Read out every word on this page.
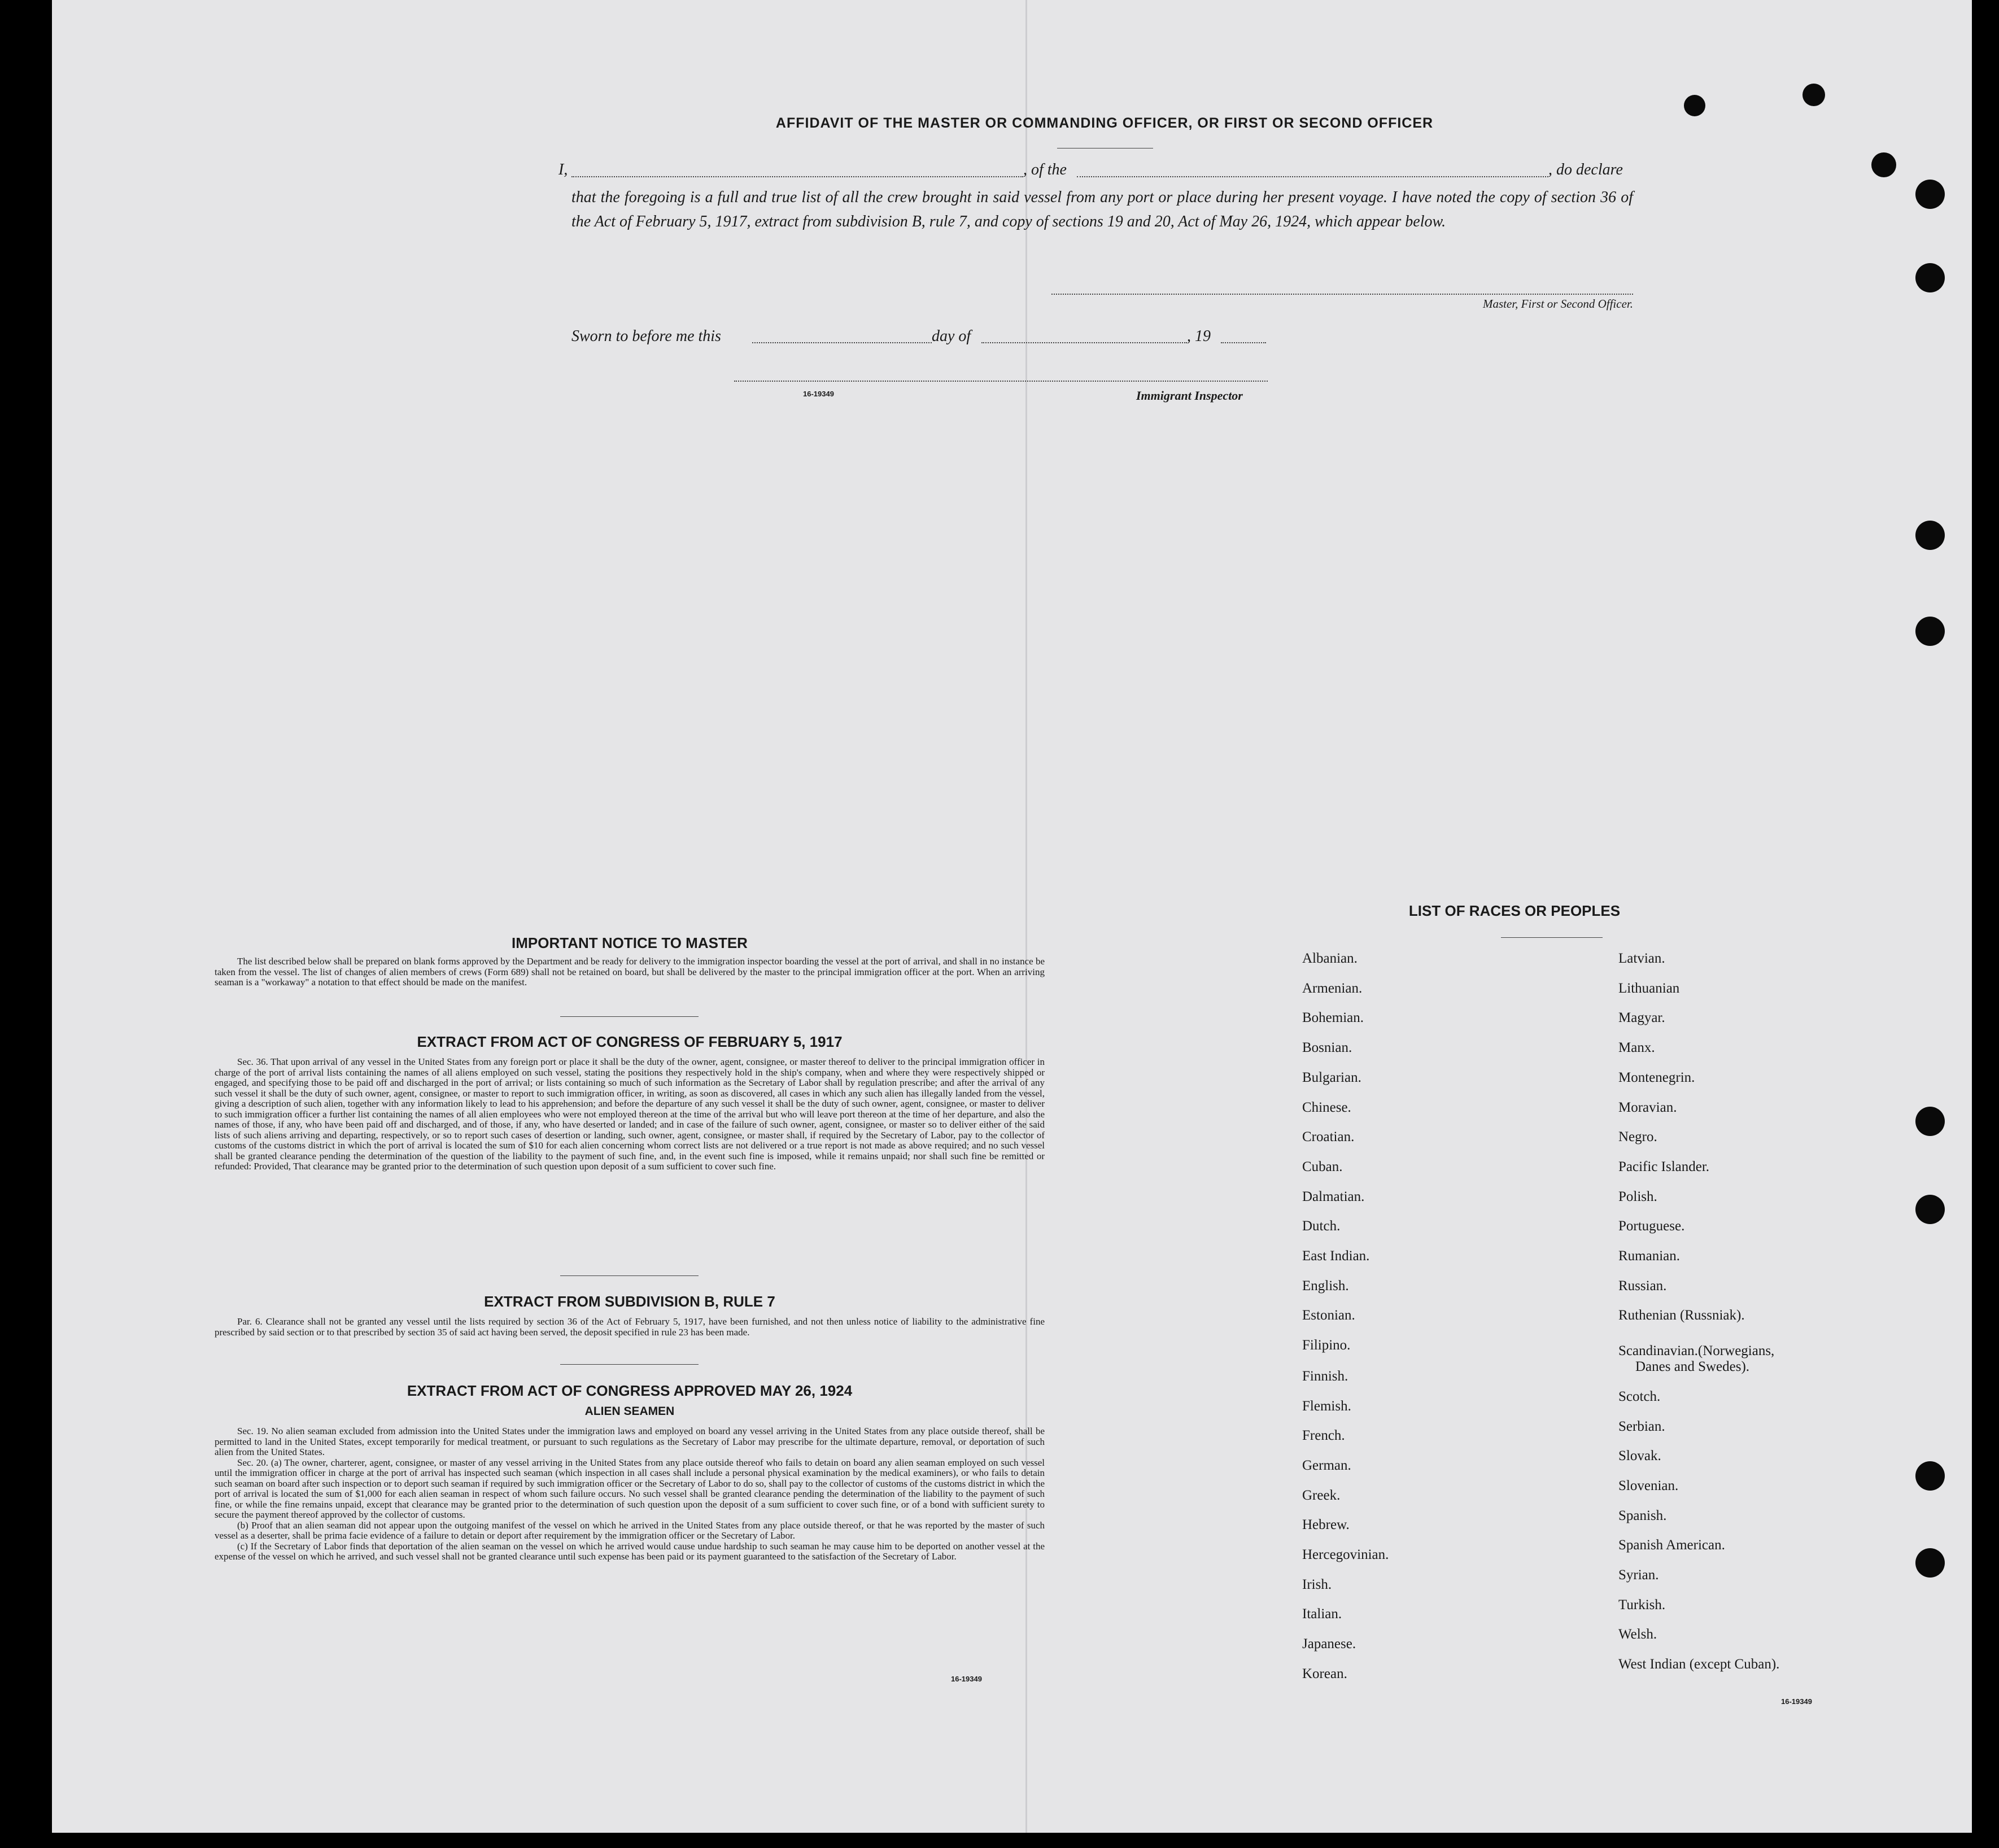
AFFIDAVIT OF THE MASTER OR COMMANDING OFFICER, OR FIRST OR SECOND OFFICER
I,	, of the	, do declare
that the foregoing is a full and true list of all the crew brought in said vessel from any port or place during her present voyage. I have noted the copy of section 36 of the Act of February 5, 1917, extract from subdivision B, rule 7, and copy of sections 19 and 20, Act of May 26, 1924, which appear below.
Master, First or Second Officer.
Sworn to before me this	day of	, 19
16-19349	Immigrant Inspector
IMPORTANT NOTICE TO MASTER

The list described below shall be prepared on blank forms approved by the Department and be ready for delivery to the immigration inspector boarding the vessel at the port of arrival, and shall in no instance be taken from the vessel. The list of changes of alien members of crews (Form 689) shall not be retained on board, but shall be delivered by the master to the principal immigration officer at the port. When an arriving seaman is a "workaway" a notation to that effect should be made on the manifest.

EXTRACT FROM ACT OF CONGRESS OF FEBRUARY 5, 1917

Sec. 36. That upon arrival of any vessel in the United States from any foreign port or place it shall be the duty of the owner, agent, consignee, or master thereof to deliver to the principal immigration officer in charge of the port of arrival lists containing the names of all aliens employed on such vessel, stating the positions they respectively hold in the ship's company, when and where they were respectively shipped or engaged, and specifying those to be paid off and discharged in the port of arrival; or lists containing so much of such information as the Secretary of Labor shall by regulation prescribe; and after the arrival of any such vessel it shall be the duty of such owner, agent, consignee, or master to report to such immigration officer, in writing, as soon as discovered, all cases in which any such alien has illegally landed from the vessel, giving a description of such alien, together with any information likely to lead to his apprehension; and before the departure of any such vessel it shall be the duty of such owner, agent, consignee, or master to deliver to such immigration officer a further list containing the names of all alien employees who were not employed thereon at the time of the arrival but who will leave port thereon at the time of her departure, and also the names of those, if any, who have been paid off and discharged, and of those, if any, who have deserted or landed; and in case of the failure of such owner, agent, consignee, or master so to deliver either of the said lists of such aliens arriving and departing, respectively, or so to report such cases of desertion or landing, such owner, agent, consignee, or master shall, if required by the Secretary of Labor, pay to the collector of customs of the customs district in which the port of arrival is located the sum of $10 for each alien concerning whom correct lists are not delivered or a true report is not made as above required; and no such vessel shall be granted clearance pending the determination of the question of the liability to the payment of such fine, and, in the event such fine is imposed, while it remains unpaid; nor shall such fine be remitted or refunded: Provided, That clearance may be granted prior to the determination of such question upon deposit of a sum sufficient to cover such fine.

EXTRACT FROM SUBDIVISION B, RULE 7

Par. 6. Clearance shall not be granted any vessel until the lists required by section 36 of the Act of February 5, 1917, have been furnished, and not then unless notice of liability to the administrative fine prescribed by said section or to that prescribed by section 35 of said act having been served, the deposit specified in rule 23 has been made.

EXTRACT FROM ACT OF CONGRESS APPROVED MAY 26, 1924
ALIEN SEAMEN

Sec. 19. No alien seaman excluded from admission into the United States under the immigration laws and employed on board any vessel arriving in the United States from any place outside thereof, shall be permitted to land in the United States, except temporarily for medical treatment, or pursuant to such regulations as the Secretary of Labor may prescribe for the ultimate departure, removal, or deportation of such alien from the United States.

Sec. 20. (a) The owner, charterer, agent, consignee, or master of any vessel arriving in the United States from any place outside thereof who fails to detain on board any alien seaman employed on such vessel until the immigration officer in charge at the port of arrival has inspected such seaman (which inspection in all cases shall include a personal physical examination by the medical examiners), or who fails to detain such seaman on board after such inspection or to deport such seaman if required by such immigration officer or the Secretary of Labor to do so, shall pay to the collector of customs of the customs district in which the port of arrival is located the sum of $1,000 for each alien seaman in respect of whom such failure occurs. No such vessel shall be granted clearance pending the determination of the liability to the payment of such fine, or while the fine remains unpaid, except that clearance may be granted prior to the determination of such question upon the deposit of a sum sufficient to cover such fine, or of a bond with sufficient surety to secure the payment thereof approved by the collector of customs.

(b) Proof that an alien seaman did not appear upon the outgoing manifest of the vessel on which he arrived in the United States from any place outside thereof, or that he was reported by the master of such vessel as a deserter, shall be prima facie evidence of a failure to detain or deport after requirement by the immigration officer or the Secretary of Labor.

(c) If the Secretary of Labor finds that deportation of the alien seaman on the vessel on which he arrived would cause undue hardship to such seaman he may cause him to be deported on another vessel at the expense of the vessel on which he arrived, and such vessel shall not be granted clearance until such expense has been paid or its payment guaranteed to the satisfaction of the Secretary of Labor.

16-19349
LIST OF RACES OR PEOPLES
Albanian.
Armenian.
Bohemian.
Bosnian.
Bulgarian.
Chinese.
Croatian.
Cuban.
Dalmatian.
Dutch.
East Indian.
English.
Estonian.
Filipino.
Finnish.
Flemish.
French.
German.
Greek.
Hebrew.
Hercegovinian.
Irish.
Italian.
Japanese.
Korean.
Latvian.
Lithuanian
Magyar.
Manx.
Montenegrin.
Moravian.
Negro.
Pacific Islander.
Polish.
Portuguese.
Rumanian.
Russian.
Ruthenian (Russniak).
Scandinavian.(Norwegians,
Danes and Swedes).
Scotch.
Serbian.
Slovak.
Slovenian.
Spanish.
Spanish American.
Syrian.
Turkish.
Welsh.
West Indian (except Cuban).
16-19349
